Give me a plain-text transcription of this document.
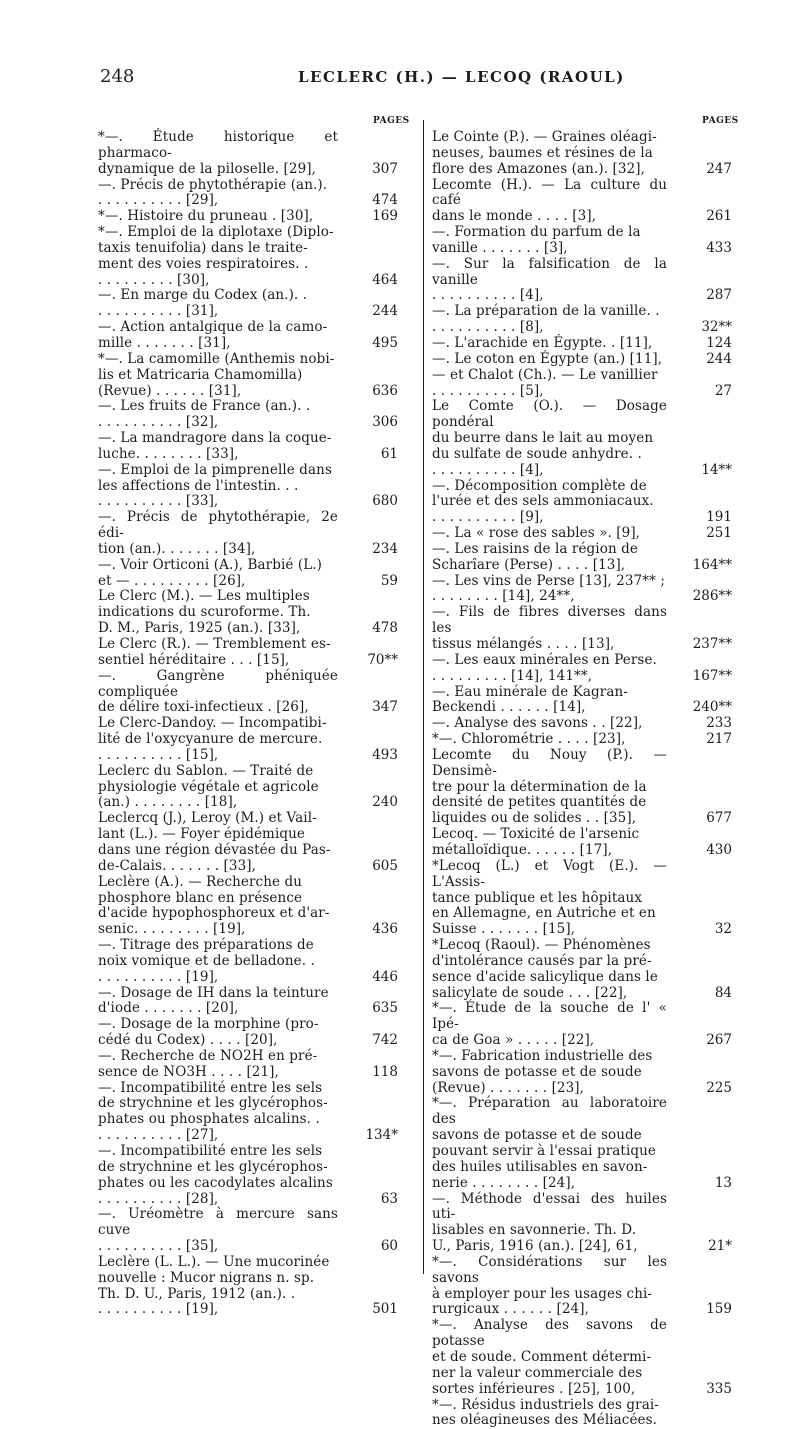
248	LECLERC (H.) — LECOQ (RAOUL)
PAGES	PAGES
*—. Étude historique et pharmaco-
dynamique de la piloselle. [29],	307
—. Précis de phytothérapie (an.).
. . . . . . . . . . [29],	474
*—. Histoire du pruneau . [30],	169
*—. Emploi de la diplotaxe (Diplo-
taxis tenuifolia) dans le traite-
ment des voies respiratoires. .
. . . . . . . . . [30],	464
—. En marge du Codex (an.). .
. . . . . . . . . . [31],	244
—. Action antalgique de la camo-
mille . . . . . . . [31],	495
*—. La camomille (Anthemis nobi-
lis et Matricaria Chamomilla)
(Revue) . . . . . . [31],	636
—. Les fruits de France (an.). .
. . . . . . . . . . [32],	306
—. La mandragore dans la coque-
luche. . . . . . . . [33],	61
—. Emploi de la pimprenelle dans
les affections de l'intestin. . .
. . . . . . . . . . [33],	680
—. Précis de phytothérapie, 2e édi-
tion (an.). . . . . . . [34],	234
—. Voir Orticoni (A.), Barbié (L.)
et — . . . . . . . . . [26],	59
Le Clerc (M.). — Les multiples
indications du scuroforme. Th.
D. M., Paris, 1925 (an.). [33],	478
Le Clerc (R.). — Tremblement es-
sentiel héréditaire . . . [15],	70**
—. Gangrène phéniquée compliquée
de délire toxi-infectieux . [26],	347
Le Clerc-Dandoy. — Incompatibi-
lité de l'oxycyanure de mercure.
. . . . . . . . . . [15],	493
Leclerc du Sablon. — Traité de
physiologie végétale et agricole
(an.) . . . . . . . . [18],	240
Leclercq (J.), Leroy (M.) et Vail-
lant (L.). — Foyer épidémique
dans une région dévastée du Pas-
de-Calais. . . . . . . [33],	605
Leclère (A.). — Recherche du
phosphore blanc en présence
d'acide hypophosphoreux et d'ar-
senic. . . . . . . . . [19],	436
—. Titrage des préparations de
noix vomique et de belladone. .
. . . . . . . . . . [19],	446
—. Dosage de IH dans la teinture
d'iode . . . . . . . [20],	635
—. Dosage de la morphine (pro-
cédé du Codex) . . . . [20],	742
—. Recherche de NO2H en pré-
sence de NO3H . . . . [21],	118
—. Incompatibilité entre les sels
de strychnine et les glycérophos-
phates ou phosphates alcalins. .
. . . . . . . . . . [27],	134*
—. Incompatibilité entre les sels
de strychnine et les glycérophos-
phates ou les cacodylates alcalins
. . . . . . . . . . [28],	63
—. Uréomètre à mercure sans cuve
. . . . . . . . . . [35],	60
Leclère (L. L.). — Une mucorinée
nouvelle : Mucor nigrans n. sp.
Th. D. U., Paris, 1912 (an.). .
. . . . . . . . . . [19],	501
Le Cointe (P.). — Graines oléagi-
neuses, baumes et résines de la
flore des Amazones (an.). [32],	247
Lecomte (H.). — La culture du café
dans le monde . . . . [3],	261
—. Formation du parfum de la
vanille . . . . . . . [3],	433
—. Sur la falsification de la vanille
. . . . . . . . . . [4],	287
—. La préparation de la vanille. .
. . . . . . . . . . [8],	32**
—. L'arachide en Égypte. . [11],	124
—. Le coton en Égypte (an.) [11],	244
— et Chalot (Ch.). — Le vanillier
. . . . . . . . . . [5],	27
Le Comte (O.). — Dosage pondéral
du beurre dans le lait au moyen
du sulfate de soude anhydre. .
. . . . . . . . . . [4],	14**
—. Décomposition complète de
l'urée et des sels ammoniacaux.
. . . . . . . . . . [9],	191
—. La « rose des sables ». [9],	251
—. Les raisins de la région de
Scharîare (Perse) . . . . [13],	164**
—. Les vins de Perse [13], 237** ;
. . . . . . . . [14], 24**,	286**
—. Fils de fibres diverses dans les
tissus mélangés . . . . [13],	237**
—. Les eaux minérales en Perse.
. . . . . . . . . [14], 141**,	167**
—. Eau minérale de Kagran-
Beckendi . . . . . . [14],	240**
—. Analyse des savons . . [22],	233
*—. Chlorométrie . . . . [23],	217
Lecomte du Nouy (P.). — Densimè-
tre pour la détermination de la
densité de petites quantités de
liquides ou de solides . . [35],	677
Lecoq. — Toxicité de l'arsenic
métalloïdique. . . . . . [17],	430
*Lecoq (L.) et Vogt (E.). — L'Assis-
tance publique et les hôpitaux
en Allemagne, en Autriche et en
Suisse . . . . . . . [15],	32
*Lecoq (Raoul). — Phénomènes
d'intolérance causés par la pré-
sence d'acide salicylique dans le
salicylate de soude . . . [22],	84
*—. Étude de la souche de l' « Ipé-
ca de Goa » . . . . . [22],	267
*—. Fabrication industrielle des
savons de potasse et de soude
(Revue) . . . . . . . [23],	225
*—. Préparation au laboratoire des
savons de potasse et de soude
pouvant servir à l'essai pratique
des huiles utilisables en savon-
nerie . . . . . . . . [24],	13
—. Méthode d'essai des huiles uti-
lisables en savonnerie. Th. D.
U., Paris, 1916 (an.). [24], 61,	21*
*—. Considérations sur les savons
à employer pour les usages chi-
rurgicaux . . . . . . [24],	159
*—. Analyse des savons de potasse
et de soude. Comment détermi-
ner la valeur commerciale des
sortes inférieures . [25], 100,	335
*—. Résidus industriels des grai-
nes oléagineuses des Méliacées.
